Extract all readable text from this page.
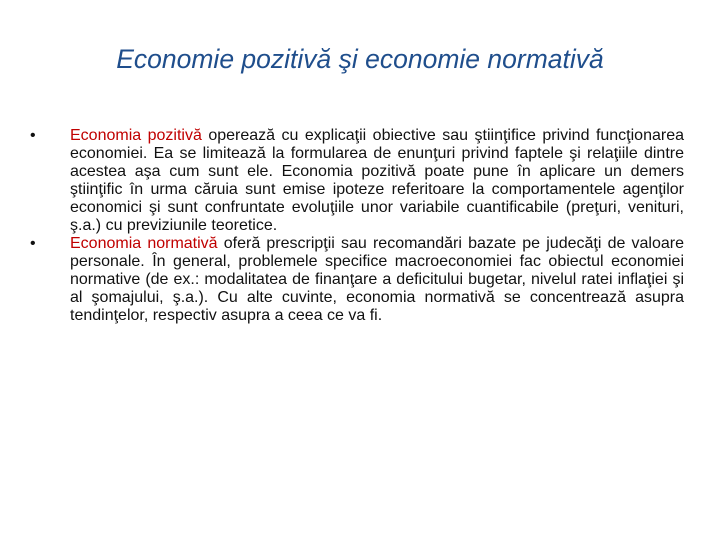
Economie pozitivă şi economie normativă
•	Economia pozitivă operează cu explicaţii obiective sau ştiinţifice privind funcţionarea economiei. Ea se limitează la formularea de enunţuri privind faptele şi relaţiile dintre acestea aşa cum sunt ele. Economia pozitivă poate pune în aplicare un demers ştiinţific în urma căruia sunt emise ipoteze referitoare la comportamentele agenţilor economici şi sunt confruntate evoluţiile unor variabile cuantificabile (preţuri, venituri, ş.a.) cu previziunile teoretice.
•	Economia normativă oferă prescripţii sau recomandări bazate pe judecăţi de valoare personale. În general, problemele specifice macroeconomiei fac obiectul economiei normative (de ex.: modalitatea de finanţare a deficitului bugetar, nivelul ratei inflaţiei şi al şomajului, ş.a.). Cu alte cuvinte, economia normativă se concentrează asupra tendinţelor, respectiv asupra a ceea ce va fi.
